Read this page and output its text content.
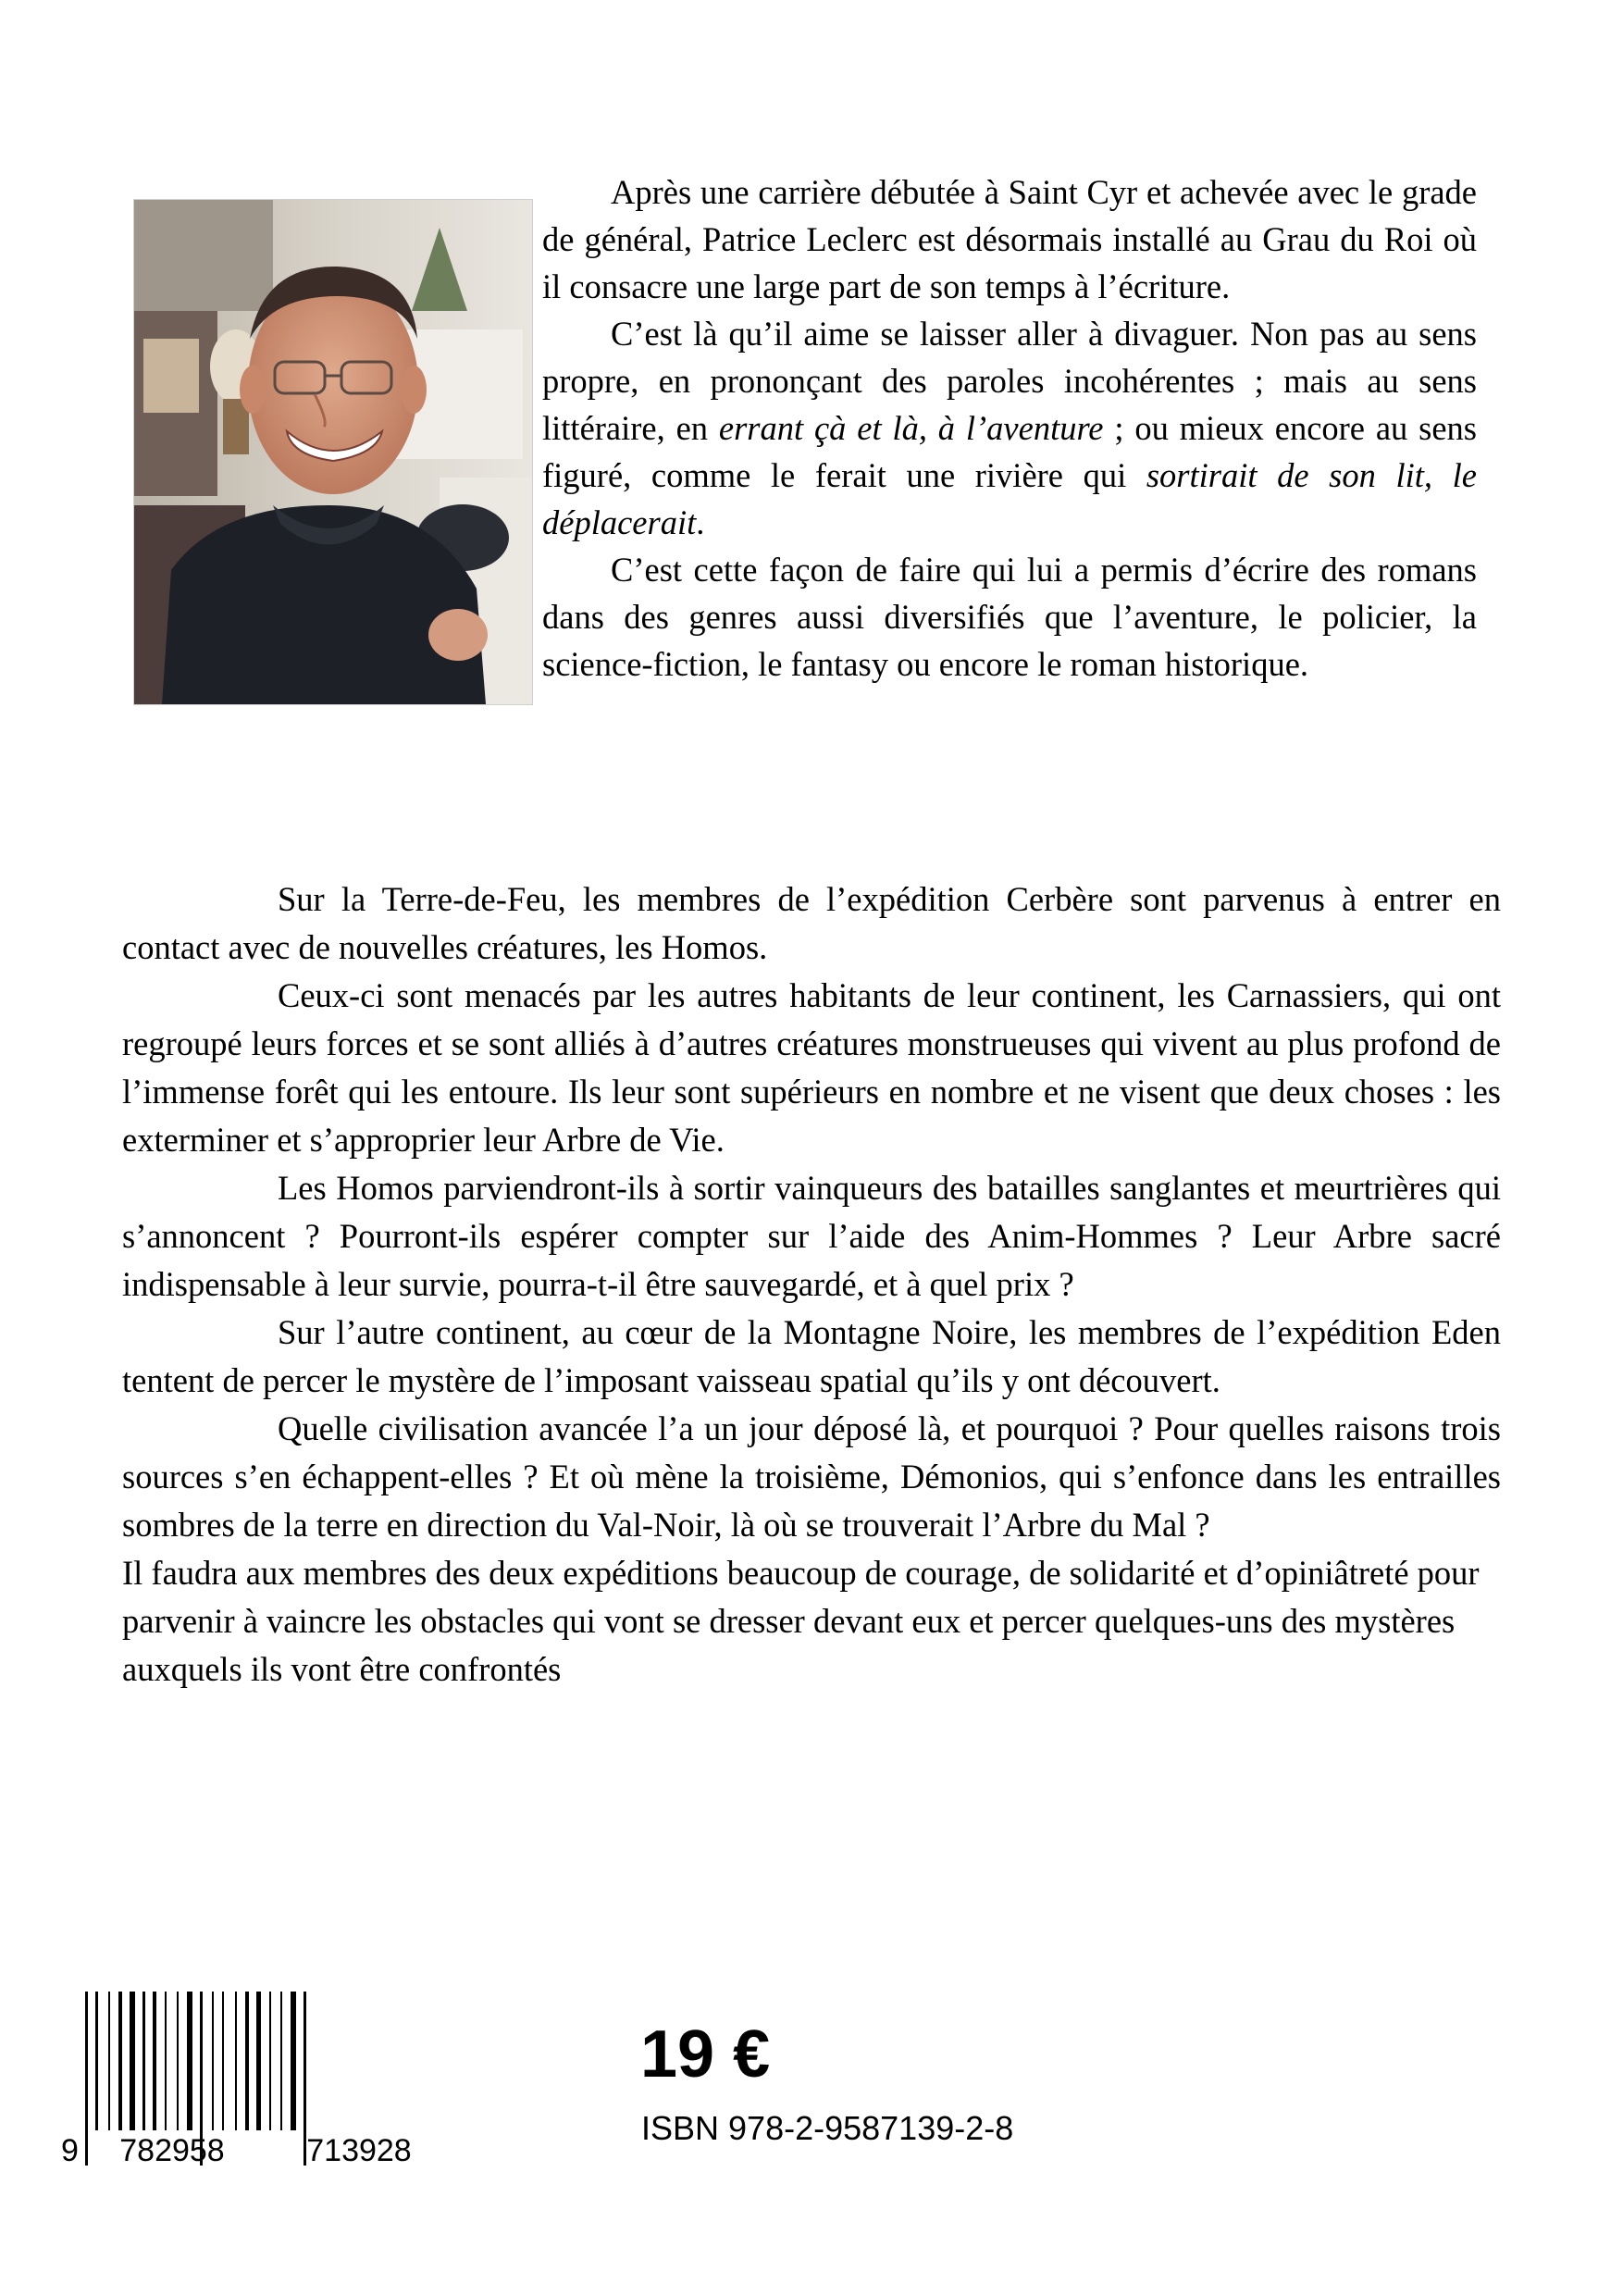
Après une carrière débutée à Saint Cyr et achevée avec le grade de général, Patrice Leclerc est désormais installé au Grau du Roi où il consacre une large part de son temps à l’écriture.

C’est là qu’il aime se laisser aller à divaguer. Non pas au sens propre, en prononçant des paroles incohérentes ; mais au sens littéraire, en errant çà et là, à l’aventure ; ou mieux encore au sens figuré, comme le ferait une rivière qui sortirait de son lit, le déplacerait.

C’est cette façon de faire qui lui a permis d’écrire des romans dans des genres aussi diversifiés que l’aventure, le policier, la science-fiction, le fantasy ou encore le roman historique.

Sur la Terre-de-Feu, les membres de l’expédition Cerbère sont parvenus à entrer en contact avec de nouvelles créatures, les Homos.

Ceux-ci sont menacés par les autres habitants de leur continent, les Carnassiers, qui ont regroupé leurs forces et se sont alliés à d’autres créatures monstrueuses qui vivent au plus profond de l’immense forêt qui les entoure. Ils leur sont supérieurs en nombre et ne visent que deux choses : les exterminer et s’approprier leur Arbre de Vie.

Les Homos parviendront-ils à sortir vainqueurs des batailles sanglantes et meurtrières qui s’annoncent ? Pourront-ils espérer compter sur l’aide des Anim-Hommes ? Leur Arbre sacré indispensable à leur survie, pourra-t-il être sauvegardé, et à quel prix ?

Sur l’autre continent, au cœur de la Montagne Noire, les membres de l’expédition Eden tentent de percer le mystère de l’imposant vaisseau spatial qu’ils y ont découvert.

Quelle civilisation avancée l’a un jour déposé là, et pourquoi ? Pour quelles raisons trois sources s’en échappent-elles ? Et où mène la troisième, Démonios, qui s’enfonce dans les entrailles sombres de la terre en direction du Val-Noir, là où se trouverait l’Arbre du Mal ?

Il faudra aux membres des deux expéditions beaucoup de courage, de solidarité et d’opiniâtreté pour parvenir à vaincre les obstacles qui vont se dresser devant eux et percer quelques-uns des mystères auxquels ils vont être confrontés

9 782958	713928
19 €
ISBN 978-2-9587139-2-8
